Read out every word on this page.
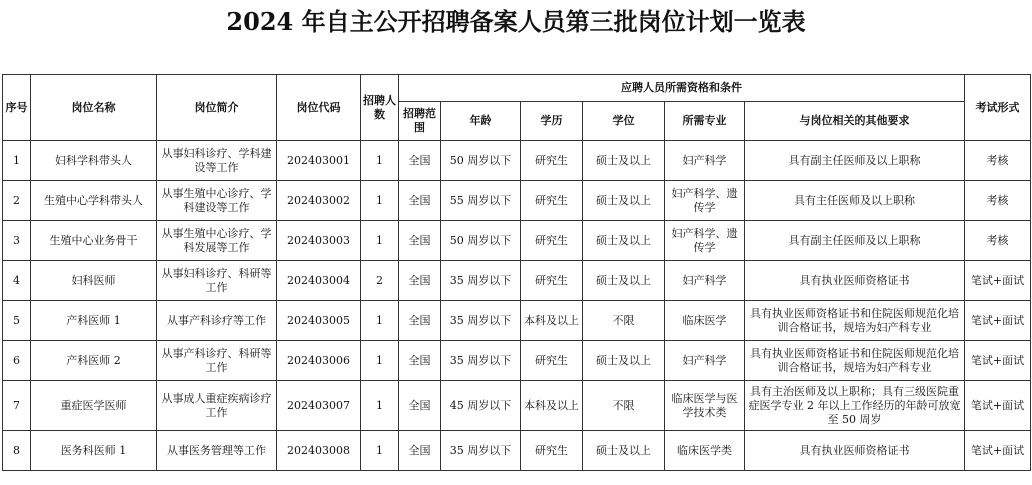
2024 年自主公开招聘备案人员第三批岗位计划一览表
序号	岗位名称	岗位简介	岗位代码	招聘人数	应聘人员所需资格和条件						考试形式
					招聘范围	年龄	学历	学位	所需专业	与岗位相关的其他要求	
1	妇科学科带头人	从事妇科诊疗、学科建设等工作	202403001	1	全国	50 周岁以下	研究生	硕士及以上	妇产科学	具有副主任医师及以上职称	考核
2	生殖中心学科带头人	从事生殖中心诊疗、学科建设等工作	202403002	1	全国	55 周岁以下	研究生	硕士及以上	妇产科学、遗传学	具有主任医师及以上职称	考核
3	生殖中心业务骨干	从事生殖中心诊疗、学科发展等工作	202403003	1	全国	50 周岁以下	研究生	硕士及以上	妇产科学、遗传学	具有副主任医师及以上职称	考核
4	妇科医师	从事妇科诊疗、科研等工作	202403004	2	全国	35 周岁以下	研究生	硕士及以上	妇产科学	具有执业医师资格证书	笔试+面试
5	产科医师 1	从事产科诊疗等工作	202403005	1	全国	35 周岁以下	本科及以上	不限	临床医学	具有执业医师资格证书和住院医师规范化培训合格证书，规培为妇产科专业	笔试+面试
6	产科医师 2	从事产科诊疗、科研等工作	202403006	1	全国	35 周岁以下	研究生	硕士及以上	妇产科学	具有执业医师资格证书和住院医师规范化培训合格证书，规培为妇产科专业	笔试+面试
7	重症医学医师	从事成人重症疾病诊疗工作	202403007	1	全国	45 周岁以下	本科及以上	不限	临床医学与医学技术类	具有主治医师及以上职称；具有三级医院重症医学专业 2 年以上工作经历的年龄可放宽至 50 周岁	笔试+面试
8	医务科医师 1	从事医务管理等工作	202403008	1	全国	35 周岁以下	研究生	硕士及以上	临床医学类	具有执业医师资格证书	笔试+面试
